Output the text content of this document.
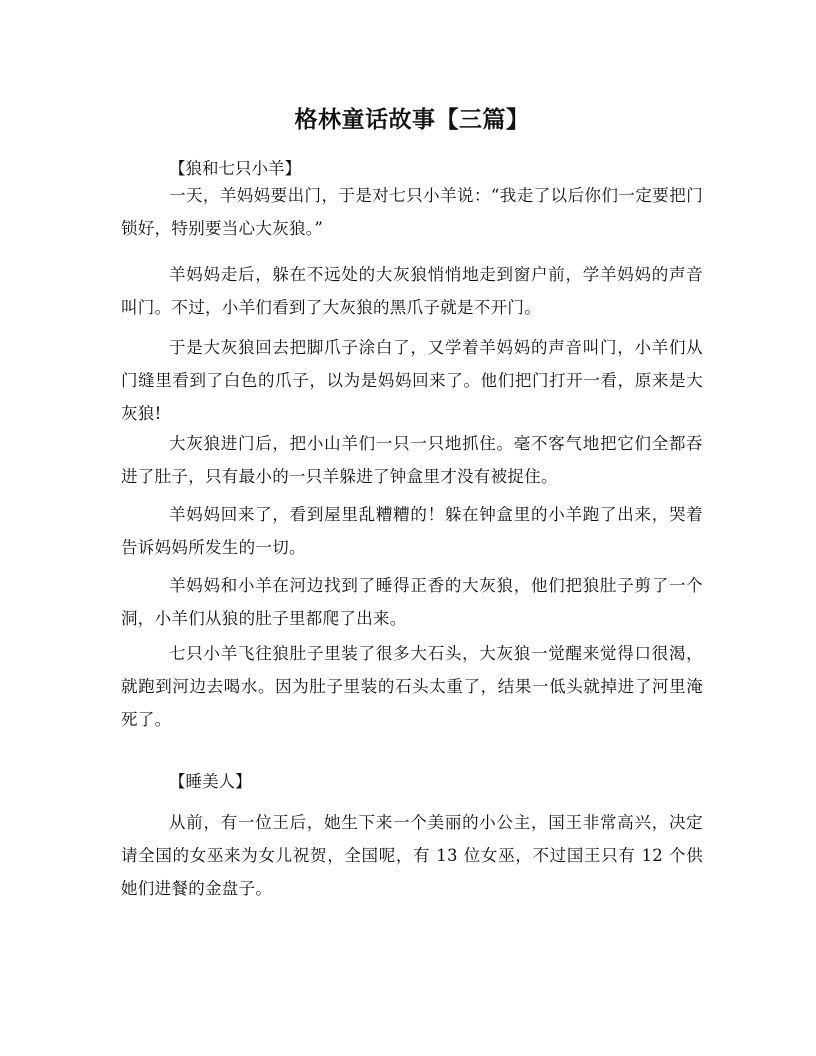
格林童话故事【三篇】
【狼和七只小羊】

一天，羊妈妈要出门，于是对七只小羊说：“我走了以后你们一定要把门锁好，特别要当心大灰狼。”

羊妈妈走后，躲在不远处的大灰狼悄悄地走到窗户前，学羊妈妈的声音叫门。不过，小羊们看到了大灰狼的黑爪子就是不开门。

于是大灰狼回去把脚爪子涂白了，又学着羊妈妈的声音叫门，小羊们从门缝里看到了白色的爪子，以为是妈妈回来了。他们把门打开一看，原来是大灰狼!

大灰狼进门后，把小山羊们一只一只地抓住。毫不客气地把它们全都吞进了肚子，只有最小的一只羊躲进了钟盒里才没有被捉住。

羊妈妈回来了，看到屋里乱糟糟的！躲在钟盒里的小羊跑了出来，哭着告诉妈妈所发生的一切。

羊妈妈和小羊在河边找到了睡得正香的大灰狼，他们把狼肚子剪了一个洞，小羊们从狼的肚子里都爬了出来。

七只小羊飞往狼肚子里装了很多大石头，大灰狼一觉醒来觉得口很渴，就跑到河边去喝水。因为肚子里装的石头太重了，结果一低头就掉进了河里淹死了。

【睡美人】

从前，有一位王后，她生下来一个美丽的小公主，国王非常高兴，决定请全国的女巫来为女儿祝贺，全国呢，有 13 位女巫，不过国王只有 12 个供她们进餐的金盘子。
